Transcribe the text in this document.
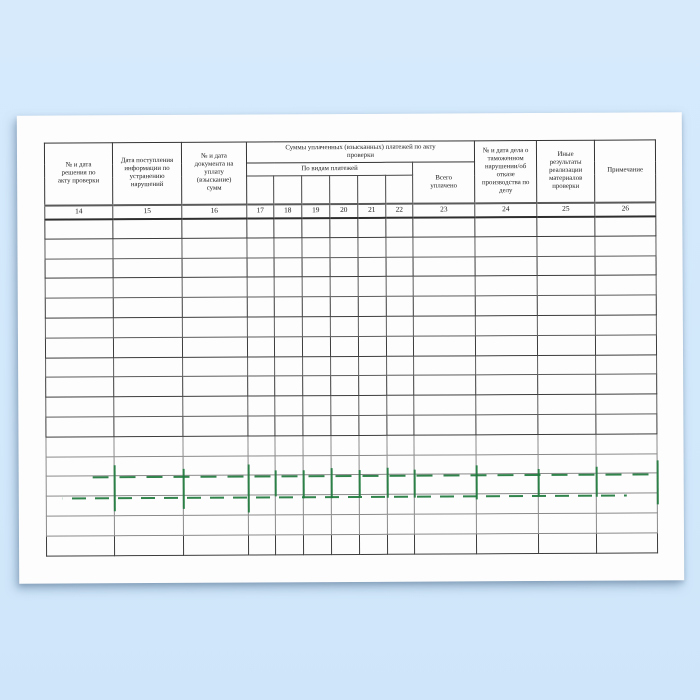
№ и дата решения по акту проверки	Дата поступления информации по устранению нарушений	№ и дата документа на уплату (взыскание) сумм	Суммы уплаченных (взысканных) платежей по акту проверки							№ и дата дела о таможенном нарушении/об отказе производства по делу	Иные результаты реализации материалов проверки	Примечание
			По видам платежей						Всего уплачено			

14	15	16	17	18	19	20	21	22	23	24	25	26
